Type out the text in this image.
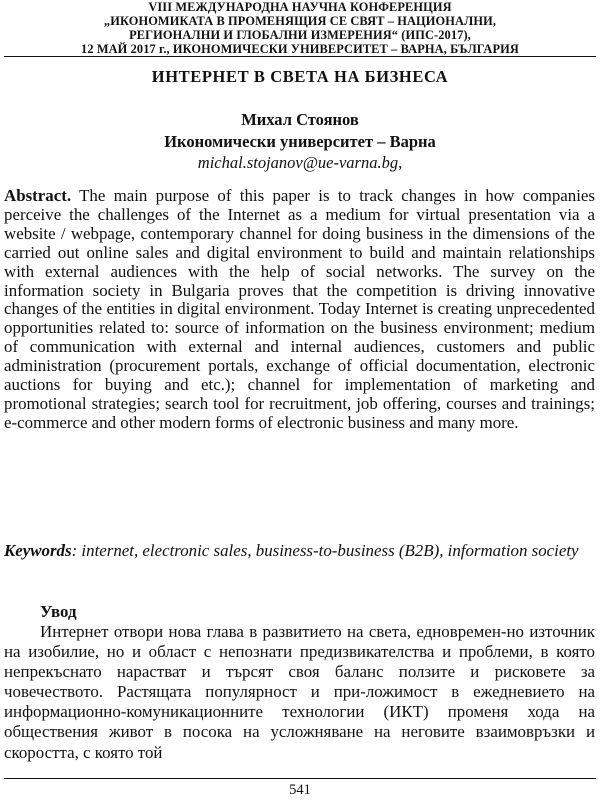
VIII МЕЖДУНАРОДНА НАУЧНА КОНФЕРЕНЦИЯ
„ИКОНОМИКАТА В ПРОМЕНЯЩИЯ СЕ СВЯТ – НАЦИОНАЛНИ,
РЕГИОНАЛНИ И ГЛОБАЛНИ ИЗМЕРЕНИЯ“ (ИПС-2017),
12 МАЙ 2017 г., ИКОНОМИЧЕСКИ УНИВЕРСИТЕТ – ВАРНА, БЪЛГАРИЯ
ИНТЕРНЕТ В СВЕТА НА БИЗНЕСА
Михал Стоянов
Икономически университет – Варна
michal.stojanov@ue-varna.bg,
Abstract. The main purpose of this paper is to track changes in how companies perceive the challenges of the Internet as a medium for virtual presentation via a website / webpage, contemporary channel for doing business in the dimensions of the carried out online sales and digital environment to build and maintain relationships with external audiences with the help of social networks. The survey on the information society in Bulgaria proves that the competition is driving innovative changes of the entities in digital environment. Today Internet is creating unprecedented opportunities related to: source of information on the business environment; medium of communication with external and internal audiences, customers and public administration (procurement portals, exchange of official documentation, electronic auctions for buying and etc.); channel for implementation of marketing and promotional strategies; search tool for recruitment, job offering, courses and trainings; e-commerce and other modern forms of electronic business and many more.
Keywords: internet, electronic sales, business-to-business (B2B), information society
Увод
Интернет отвори нова глава в развитието на света, едновремен-но източник на изобилие, но и област с непознати предизвикателства и проблеми, в която непрекъснато нарастват и търсят своя баланс ползите и рисковете за човечеството. Растящата популярност и при-ложимост в ежедневието на информационно-комуникационните технологии (ИКТ) променя хода на обществения живот в посока на усложняване на неговите взаимовръзки и скоростта, с която той
541
